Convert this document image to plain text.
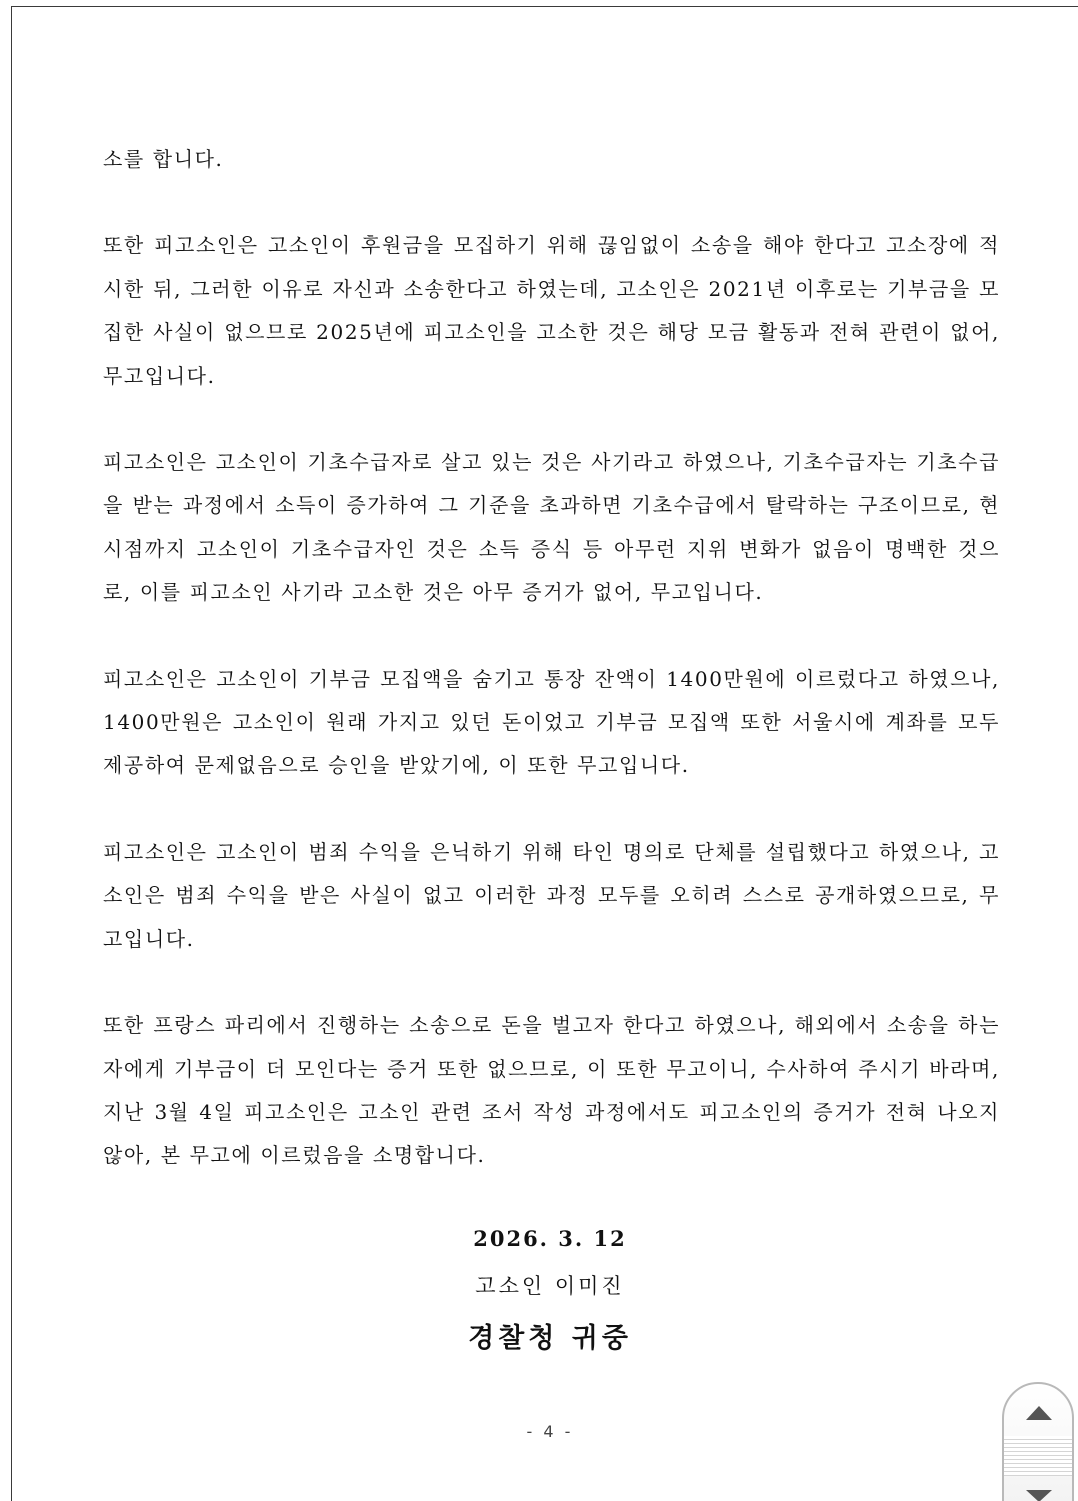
소를 합니다.

또한 피고소인은 고소인이 후원금을 모집하기 위해 끊임없이 소송을 해야 한다고 고소장에 적시한 뒤, 그러한 이유로 자신과 소송한다고 하였는데, 고소인은 2021년 이후로는 기부금을 모집한 사실이 없으므로 2025년에 피고소인을 고소한 것은 해당 모금 활동과 전혀 관련이 없어, 무고입니다.

피고소인은 고소인이 기초수급자로 살고 있는 것은 사기라고 하였으나, 기초수급자는 기초수급을 받는 과정에서 소득이 증가하여 그 기준을 초과하면 기초수급에서 탈락하는 구조이므로, 현 시점까지 고소인이 기초수급자인 것은 소득 증식 등 아무런 지위 변화가 없음이 명백한 것으로, 이를 피고소인 사기라 고소한 것은 아무 증거가 없어, 무고입니다.

피고소인은 고소인이 기부금 모집액을 숨기고 통장 잔액이 1400만원에 이르렀다고 하였으나, 1400만원은 고소인이 원래 가지고 있던 돈이었고 기부금 모집액 또한 서울시에 계좌를 모두 제공하여 문제없음으로 승인을 받았기에, 이 또한 무고입니다.

피고소인은 고소인이 범죄 수익을 은닉하기 위해 타인 명의로 단체를 설립했다고 하였으나, 고소인은 범죄 수익을 받은 사실이 없고 이러한 과정 모두를 오히려 스스로 공개하였으므로, 무고입니다.

또한 프랑스 파리에서 진행하는 소송으로 돈을 벌고자 한다고 하였으나, 해외에서 소송을 하는 자에게 기부금이 더 모인다는 증거 또한 없으므로, 이 또한 무고이니, 수사하여 주시기 바라며, 지난 3월 4일 피고소인은 고소인 관련 조서 작성 과정에서도 피고소인의 증거가 전혀 나오지 않아, 본 무고에 이르렀음을 소명합니다.

2026. 3. 12
고소인 이미진
경찰청 귀중
- 4 -
